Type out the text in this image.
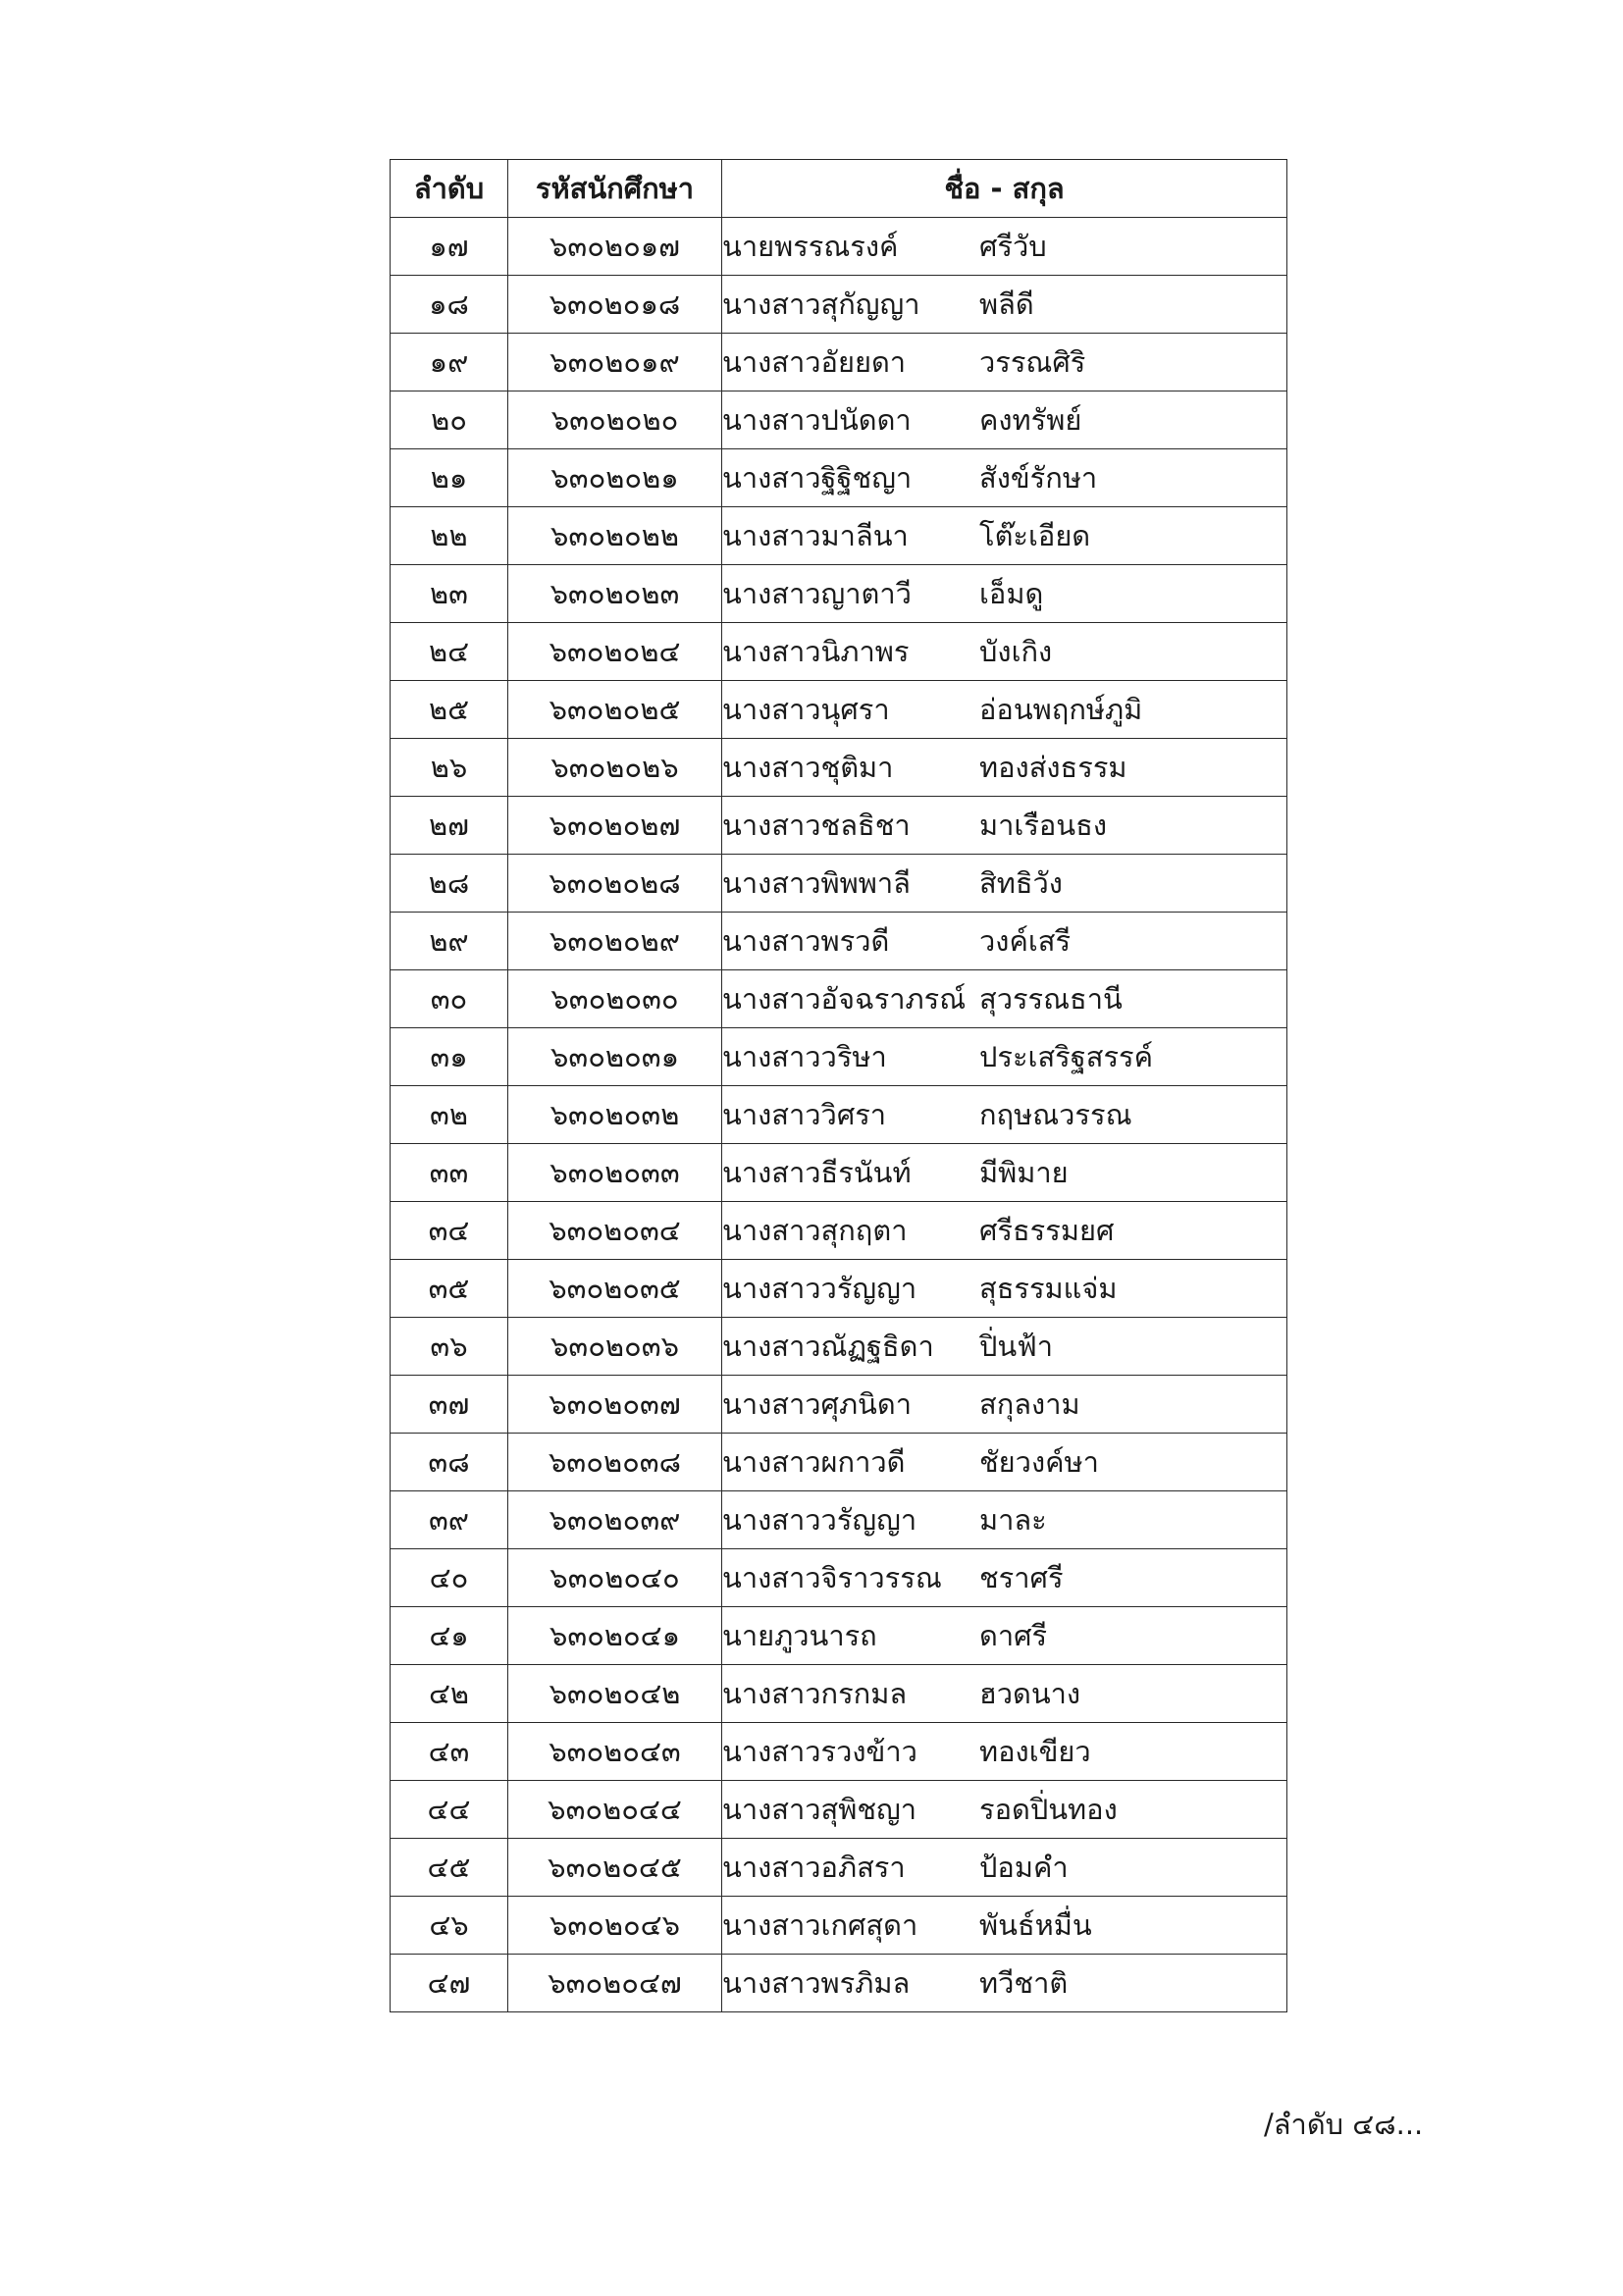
ลำดับ	รหัสนักศึกษา	ชื่อ - สกุล
๑๗	๖๓๐๒๐๑๗	นายพรรณรงค์ ศรีวับ
๑๘	๖๓๐๒๐๑๘	นางสาวสุกัญญา พลีดี
๑๙	๖๓๐๒๐๑๙	นางสาวอัยยดา วรรณศิริ
๒๐	๖๓๐๒๐๒๐	นางสาวปนัดดา คงทรัพย์
๒๑	๖๓๐๒๐๒๑	นางสาวฐิฐิชญา สังข์รักษา
๒๒	๖๓๐๒๐๒๒	นางสาวมาลีนา โต๊ะเอียด
๒๓	๖๓๐๒๐๒๓	นางสาวญาตาวี เอ็มดู
๒๔	๖๓๐๒๐๒๔	นางสาวนิภาพร บังเกิง
๒๕	๖๓๐๒๐๒๕	นางสาวนุศรา อ่อนพฤกษ์ภูมิ
๒๖	๖๓๐๒๐๒๖	นางสาวชุติมา ทองส่งธรรม
๒๗	๖๓๐๒๐๒๗	นางสาวชลธิชา มาเรือนธง
๒๘	๖๓๐๒๐๒๘	นางสาวพิพพาลี สิทธิวัง
๒๙	๖๓๐๒๐๒๙	นางสาวพรวดี วงค์เสรี
๓๐	๖๓๐๒๐๓๐	นางสาวอัจฉราภรณ์ สุวรรณธานี
๓๑	๖๓๐๒๐๓๑	นางสาววริษา ประเสริฐสรรค์
๓๒	๖๓๐๒๐๓๒	นางสาววิศรา กฤษณวรรณ
๓๓	๖๓๐๒๐๓๓	นางสาวธีรนันท์ มีพิมาย
๓๔	๖๓๐๒๐๓๔	นางสาวสุกฤตา ศรีธรรมยศ
๓๕	๖๓๐๒๐๓๕	นางสาววรัญญา สุธรรมแจ่ม
๓๖	๖๓๐๒๐๓๖	นางสาวณัฏฐธิดา ปิ่นฟ้า
๓๗	๖๓๐๒๐๓๗	นางสาวศุภนิดา สกุลงาม
๓๘	๖๓๐๒๐๓๘	นางสาวผกาวดี ชัยวงค์ษา
๓๙	๖๓๐๒๐๓๙	นางสาววรัญญา มาละ
๔๐	๖๓๐๒๐๔๐	นางสาวจิราวรรณ ชราศรี
๔๑	๖๓๐๒๐๔๑	นายภูวนารถ ดาศรี
๔๒	๖๓๐๒๐๔๒	นางสาวกรกมล ฮวดนาง
๔๓	๖๓๐๒๐๔๓	นางสาวรวงข้าว ทองเขียว
๔๔	๖๓๐๒๐๔๔	นางสาวสุพิชญา รอดปิ่นทอง
๔๕	๖๓๐๒๐๔๕	นางสาวอภิสรา ป้อมคำ
๔๖	๖๓๐๒๐๔๖	นางสาวเกศสุดา พันธ์หมื่น
๔๗	๖๓๐๒๐๔๗	นางสาวพรภิมล ทวีชาติ
/ลำดับ ๔๘...
